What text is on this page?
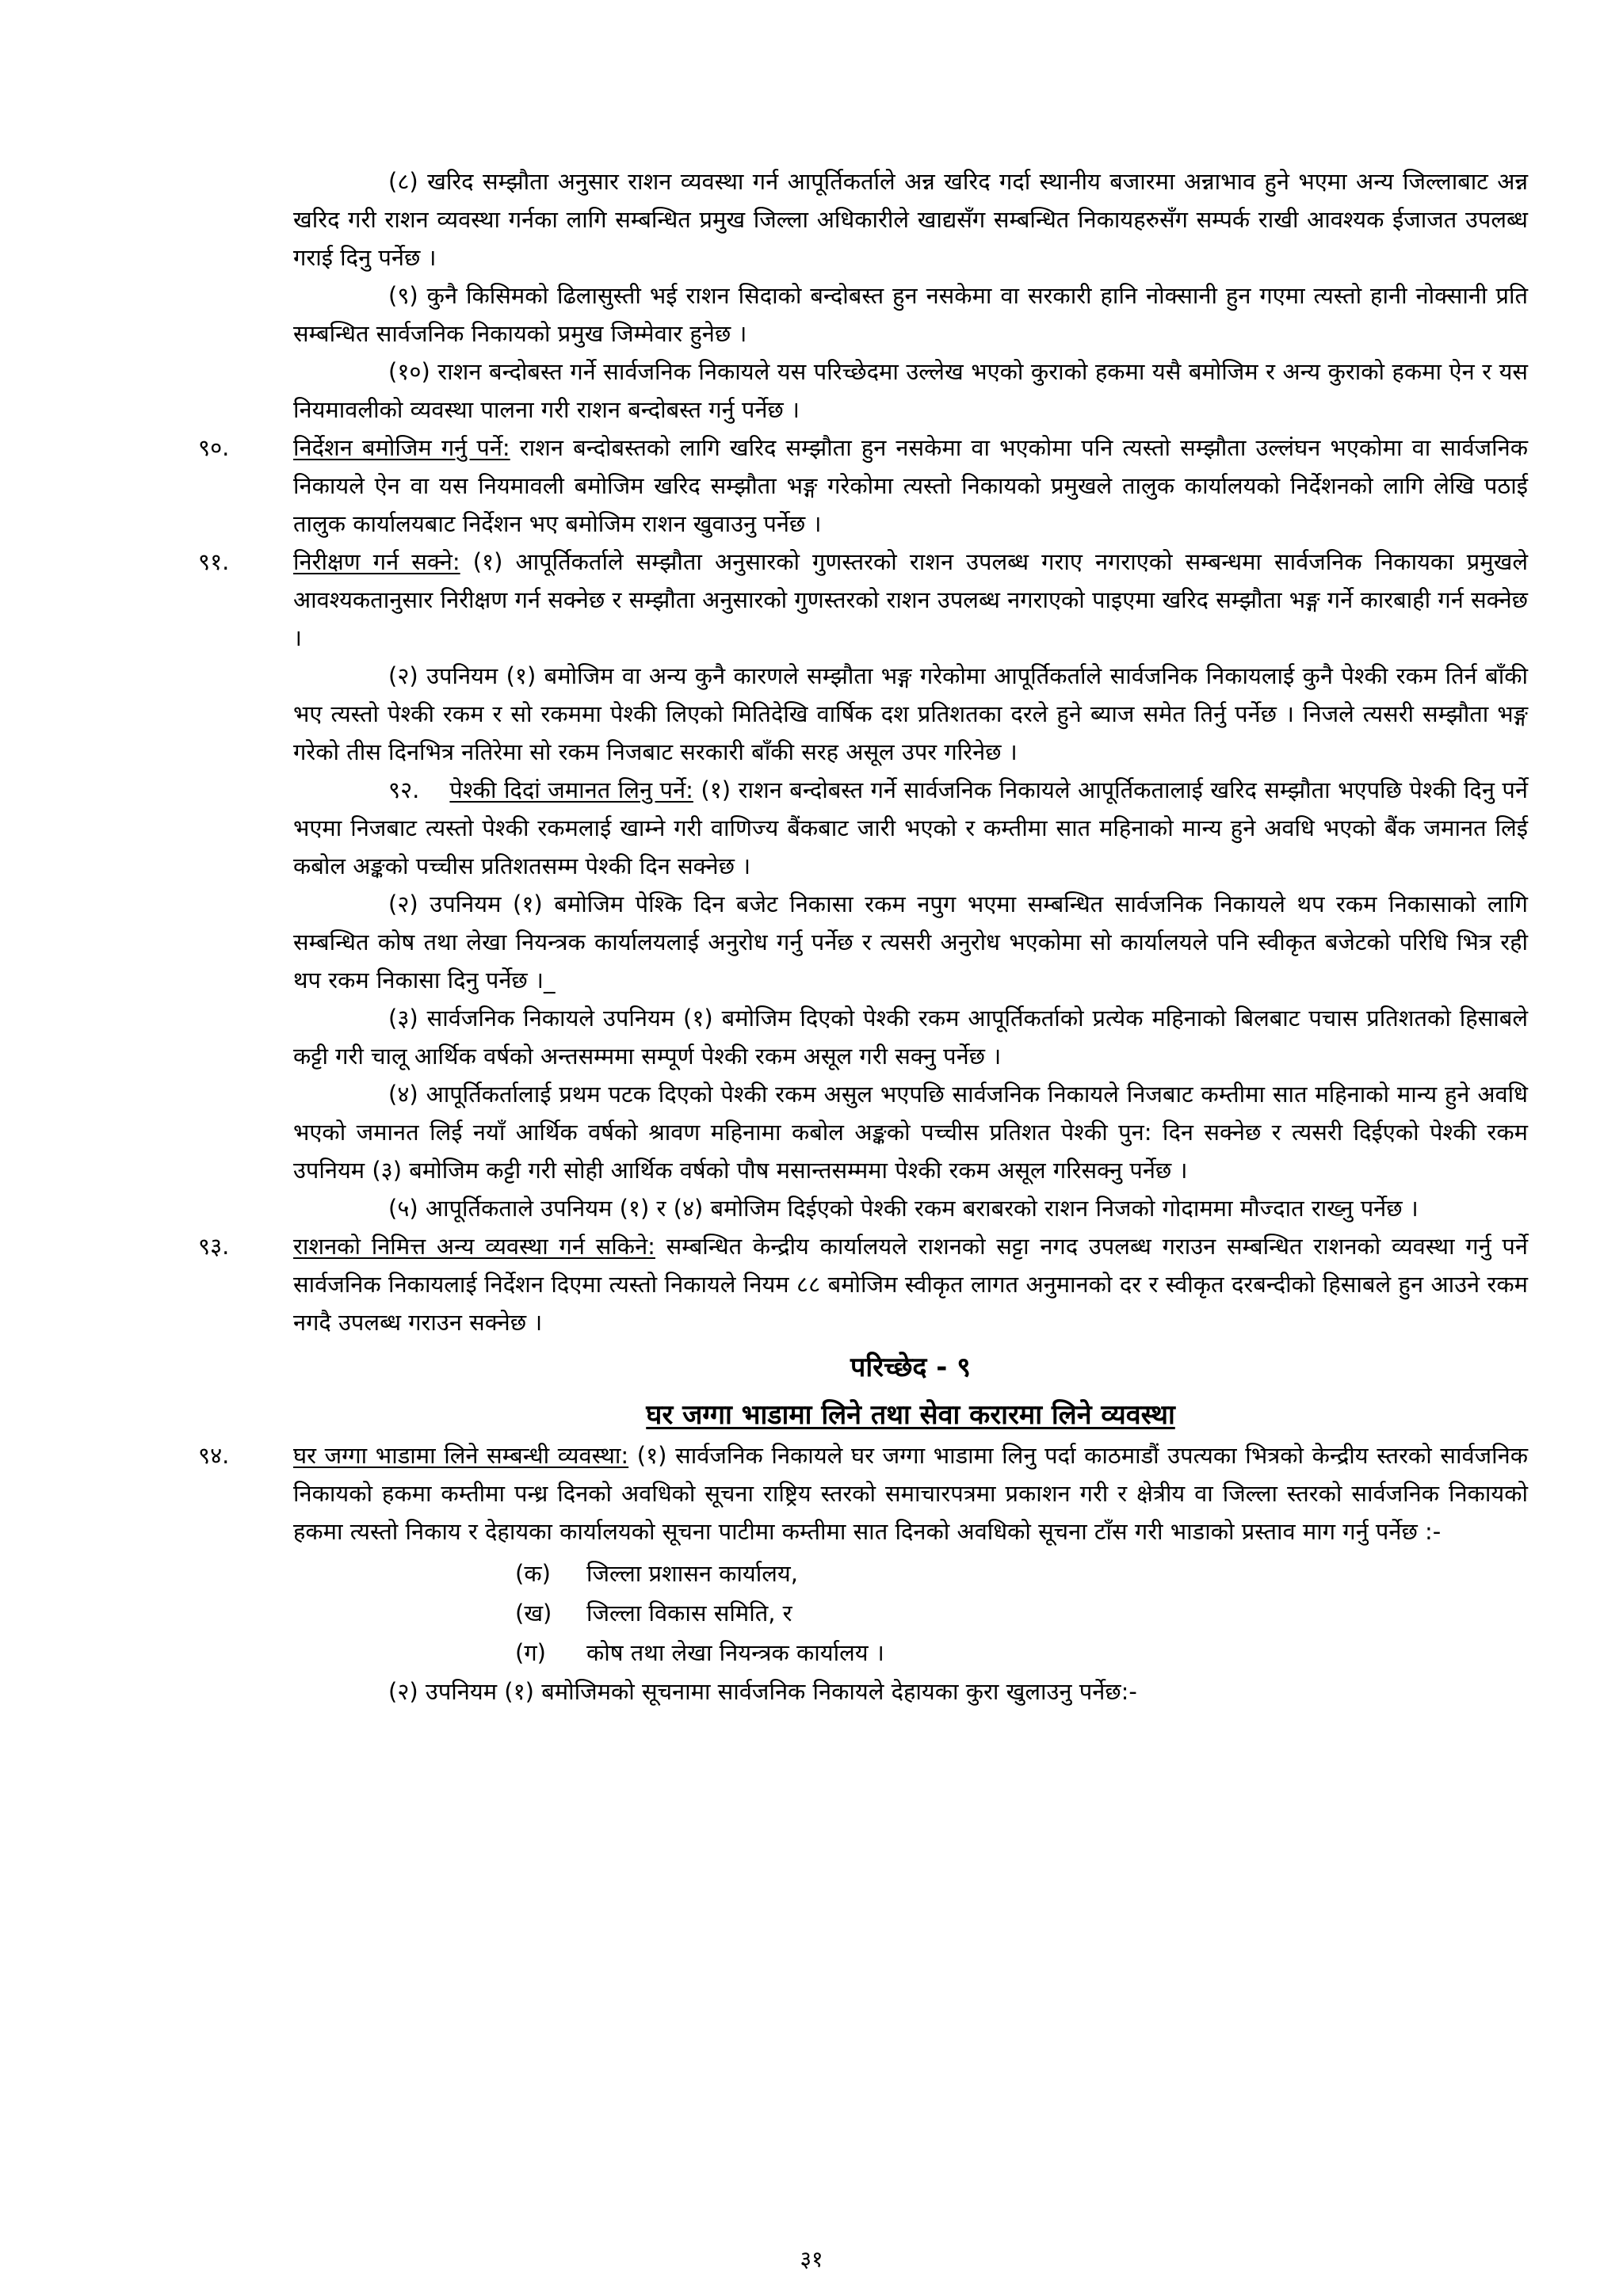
(८) खरिद सम्झौता अनुसार राशन व्यवस्था गर्न आपूर्तिकर्ताले अन्न खरिद गर्दा स्थानीय बजारमा अन्नाभाव हुने भएमा अन्य जिल्लाबाट अन्न खरिद गरी राशन व्यवस्था गर्नका लागि सम्बन्धित प्रमुख जिल्ला अधिकारीले खाद्यसँग सम्बन्धित निकायहरुसँग सम्पर्क राखी आवश्यक ईजाजत उपलब्ध गराई दिनु पर्नेछ ।

(९) कुनै किसिमको ढिलासुस्ती भई राशन सिदाको बन्दोबस्त हुन नसकेमा वा सरकारी हानि नोक्सानी हुन गएमा त्यस्तो हानी नोक्सानी प्रति सम्बन्धित सार्वजनिक निकायको प्रमुख जिम्मेवार हुनेछ ।

(१०) राशन बन्दोबस्त गर्ने सार्वजनिक निकायले यस परिच्छेदमा उल्लेख भएको कुराको हकमा यसै बमोजिम र अन्य कुराको हकमा ऐन र यस नियमावलीको व्यवस्था पालना गरी राशन बन्दोबस्त गर्नु पर्नेछ ।

९०.	निर्देशन बमोजिम गर्नु पर्ने: राशन बन्दोबस्तको लागि खरिद सम्झौता हुन नसकेमा वा भएकोमा पनि त्यस्तो सम्झौता उल्लंघन भएकोमा वा सार्वजनिक निकायले ऐन वा यस नियमावली बमोजिम खरिद सम्झौता भङ्ग गरेकोमा त्यस्तो निकायको प्रमुखले तालुक कार्यालयको निर्देशनको लागि लेखि पठाई तालुक कार्यालयबाट निर्देशन भए बमोजिम राशन खुवाउनु पर्नेछ ।
९१.	निरीक्षण गर्न सक्ने: (१) आपूर्तिकर्ताले सम्झौता अनुसारको गुणस्तरको राशन उपलब्ध गराए नगराएको सम्बन्धमा सार्वजनिक निकायका प्रमुखले आवश्यकतानुसार निरीक्षण गर्न सक्नेछ र सम्झौता अनुसारको गुणस्तरको राशन उपलब्ध नगराएको पाइएमा खरिद सम्झौता भङ्ग गर्ने कारबाही गर्न सक्नेछ ।

(२) उपनियम (१) बमोजिम वा अन्य कुनै कारणले सम्झौता भङ्ग गरेकोमा आपूर्तिकर्ताले सार्वजनिक निकायलाई कुनै पेश्की रकम तिर्न बाँकी भए त्यस्तो पेश्की रकम र सो रकममा पेश्की लिएको मितिदेखि वार्षिक दश प्रतिशतका दरले हुने ब्याज समेत तिर्नु पर्नेछ । निजले त्यसरी सम्झौता भङ्ग गरेको तीस दिनभित्र नतिरेमा सो रकम निजबाट सरकारी बाँकी सरह असूल उपर गरिनेछ ।

९२. पेश्की दिदां जमानत लिनु पर्ने: (१) राशन बन्दोबस्त गर्ने सार्वजनिक निकायले आपूर्तिकतालाई खरिद सम्झौता भएपछि पेश्की दिनु पर्ने भएमा निजबाट त्यस्तो पेश्की रकमलाई खाम्ने गरी वाणिज्य बैंकबाट जारी भएको र कम्तीमा सात महिनाको मान्य हुने अवधि भएको बैंक जमानत लिई कबोल अङ्कको पच्चीस प्रतिशतसम्म पेश्की दिन सक्नेछ ।

(२) उपनियम (१) बमोजिम पेश्कि दिन बजेट निकासा रकम नपुग भएमा सम्बन्धित सार्वजनिक निकायले थप रकम निकासाको लागि सम्बन्धित कोष तथा लेखा नियन्त्रक कार्यालयलाई अनुरोध गर्नु पर्नेछ र त्यसरी अनुरोध भएकोमा सो कार्यालयले पनि स्वीकृत बजेटको परिधि भित्र रही थप रकम निकासा दिनु पर्नेछ ।_

(३) सार्वजनिक निकायले उपनियम (१) बमोजिम दिएको पेश्की रकम आपूर्तिकर्ताको प्रत्येक महिनाको बिलबाट पचास प्रतिशतको हिसाबले कट्टी गरी चालू आर्थिक वर्षको अन्तसम्ममा सम्पूर्ण पेश्की रकम असूल गरी सक्नु पर्नेछ ।

(४) आपूर्तिकर्तालाई प्रथम पटक दिएको पेश्की रकम असुल भएपछि सार्वजनिक निकायले निजबाट कम्तीमा सात महिनाको मान्य हुने अवधि भएको जमानत लिई नयाँ आर्थिक वर्षको श्रावण महिनामा कबोल अङ्कको पच्चीस प्रतिशत पेश्की पुन: दिन सक्नेछ र त्यसरी दिईएको पेश्की रकम उपनियम (३) बमोजिम कट्टी गरी सोही आर्थिक वर्षको पौष मसान्तसम्ममा पेश्की रकम असूल गरिसक्नु पर्नेछ ।

(५) आपूर्तिकताले उपनियम (१) र (४) बमोजिम दिईएको पेश्की रकम बराबरको राशन निजको गोदाममा मौज्दात राख्नु पर्नेछ ।

९३.	राशनको निमित्त अन्य व्यवस्था गर्न सकिने: सम्बन्धित केन्द्रीय कार्यालयले राशनको सट्टा नगद उपलब्ध गराउन सम्बन्धित राशनको व्यवस्था गर्नु पर्ने सार्वजनिक निकायलाई निर्देशन दिएमा त्यस्तो निकायले नियम ८८ बमोजिम स्वीकृत लागत अनुमानको दर र स्वीकृत दरबन्दीको हिसाबले हुन आउने रकम नगदै उपलब्ध गराउन सक्नेछ ।
परिच्छेद - ९
घर जग्गा भाडामा लिने तथा सेवा करारमा लिने व्यवस्था
९४.	घर जग्गा भाडामा लिने सम्बन्धी व्यवस्था: (१) सार्वजनिक निकायले घर जग्गा भाडामा लिनु पर्दा काठमाडौं उपत्यका भित्रको केन्द्रीय स्तरको सार्वजनिक निकायको हकमा कम्तीमा पन्ध्र दिनको अवधिको सूचना राष्ट्रिय स्तरको समाचारपत्रमा प्रकाशन गरी र क्षेत्रीय वा जिल्ला स्तरको सार्वजनिक निकायको हकमा त्यस्तो निकाय र देहायका कार्यालयको सूचना पाटीमा कम्तीमा सात दिनको अवधिको सूचना टाँस गरी भाडाको प्रस्ताव माग गर्नु पर्नेछ :-
(क)	जिल्ला प्रशासन कार्यालय,
(ख)	जिल्ला विकास समिति, र
(ग)	कोष तथा लेखा नियन्त्रक कार्यालय ।

(२) उपनियम (१) बमोजिमको सूचनामा सार्वजनिक निकायले देहायका कुरा खुलाउनु पर्नेछ:-

३१
